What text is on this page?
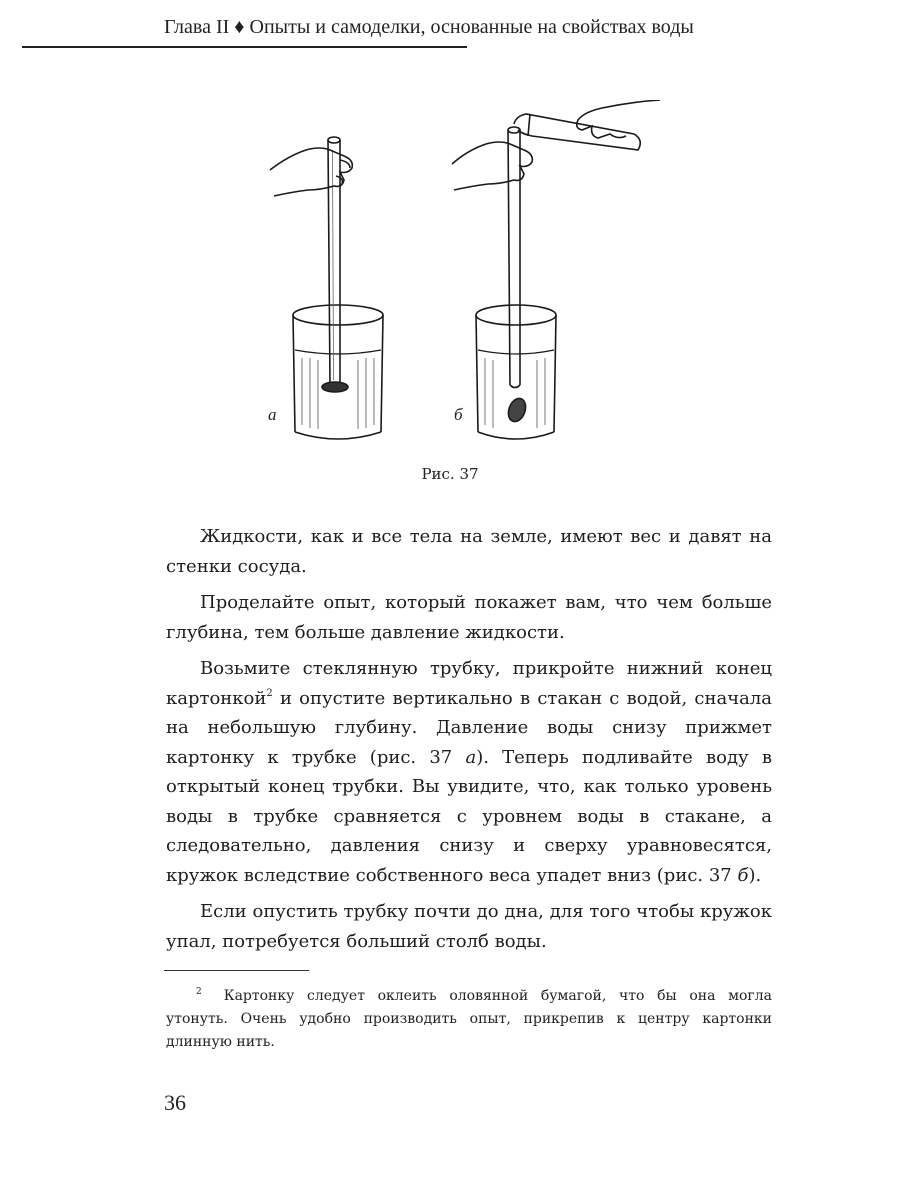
Глава II ♦ Опыты и самоделки, основанные на свойствах воды
а	б
Рис. 37

Жидкости, как и все тела на земле, имеют вес и давят на стенки сосуда.

Проделайте опыт, который покажет вам, что чем больше глубина, тем больше давление жидкости.

Возьмите стеклянную трубку, прикройте нижний конец картонкой$^2$ и опустите вертикально в стакан с водой, сначала на небольшую глубину. Давление воды снизу прижмет картонку к трубке (рис. 37 а). Теперь подливайте воду в открытый конец трубки. Вы увидите, что, как только уровень воды в трубке сравняется с уровнем воды в стакане, а следовательно, давления снизу и сверху уравновесятся, кружок вследствие собственного веса упадет вниз (рис. 37 б).

Если опустить трубку почти до дна, для того чтобы кружок упал, потребуется больший столб воды.

$^2$ Картонку следует оклеить оловянной бумагой, что бы она могла утонуть. Очень удобно производить опыт, прикрепив к центру картонки длинную нить.

36
